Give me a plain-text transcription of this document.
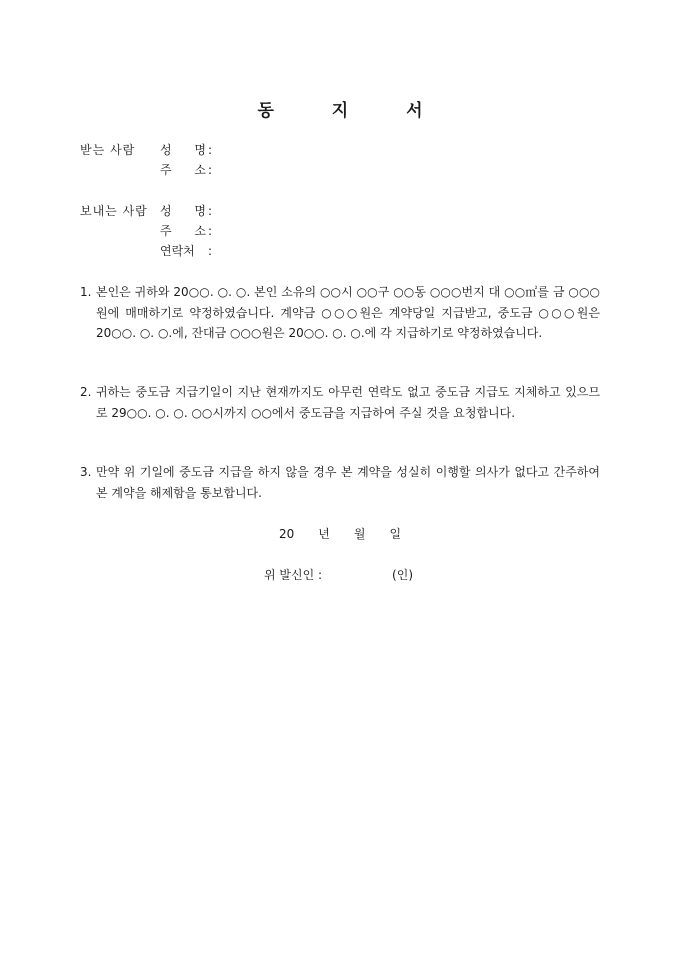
동 지 서
받는 사람	성 명 :
주 소 :
보내는 사람	성 명 :
주 소 :
연락처	:
1. 본인은 귀하와 20○○. ○. ○. 본인 소유의 ○○시 ○○구 ○○동 ○○○번지 대 ○○㎡를 금 ○○○원에 매매하기로 약정하였습니다. 계약금 ○○○원은 계약당일 지급받고, 중도금 ○○○원은 20○○. ○. ○.에, 잔대금 ○○○원은 20○○. ○. ○.에 각 지급하기로 약정하였습니다.
2. 귀하는 중도금 지급기일이 지난 현재까지도 아무런 연락도 없고 중도금 지급도 지체하고 있으므로 29○○. ○. ○. ○○시까지 ○○에서 중도금을 지급하여 주실 것을 요청합니다.
3. 만약 위 기일에 중도금 지급을 하지 않을 경우 본 계약을 성실히 이행할 의사가 없다고 간주하여 본 계약을 해제함을 통보합니다.
20 년 월 일
위 발신인 :	(인)
